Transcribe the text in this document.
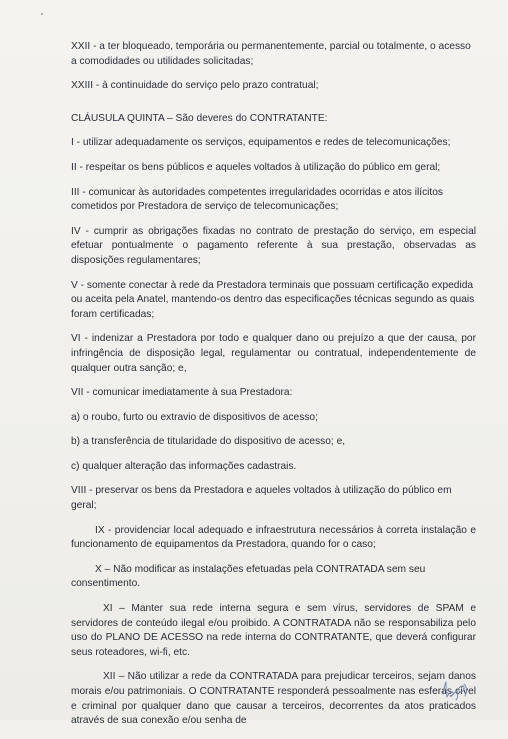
XXII - a ter bloqueado, temporária ou permanentemente, parcial ou totalmente, o acesso a comodidades ou utilidades solicitadas;

XXIII - à continuidade do serviço pelo prazo contratual;

CLÁUSULA QUINTA – São deveres do CONTRATANTE:

I - utilizar adequadamente os serviços, equipamentos e redes de telecomunicações;

II - respeitar os bens públicos e aqueles voltados à utilização do público em geral;

III - comunicar às autoridades competentes irregularidades ocorridas e atos ilícitos cometidos por Prestadora de serviço de telecomunicações;

IV - cumprir as obrigações fixadas no contrato de prestação do serviço, em especial efetuar pontualmente o pagamento referente à sua prestação, observadas as disposições regulamentares;

V - somente conectar à rede da Prestadora terminais que possuam certificação expedida ou aceita pela Anatel, mantendo-os dentro das especificações técnicas segundo as quais foram certificadas;

VI - indenizar a Prestadora por todo e qualquer dano ou prejuízo a que der causa, por infringência de disposição legal, regulamentar ou contratual, independentemente de qualquer outra sanção; e,

VII - comunicar imediatamente à sua Prestadora:

a) o roubo, furto ou extravio de dispositivos de acesso;

b) a transferência de titularidade do dispositivo de acesso; e,

c) qualquer alteração das informações cadastrais.

VIII - preservar os bens da Prestadora e aqueles voltados à utilização do público em geral;

IX - providenciar local adequado e infraestrutura necessários à correta instalação e funcionamento de equipamentos da Prestadora, quando for o caso;

X – Não modificar as instalações efetuadas pela CONTRATADA sem seu consentimento.

XI – Manter sua rede interna segura e sem vírus, servidores de SPAM e servidores de conteúdo ilegal e/ou proibido. A CONTRATADA não se responsabiliza pelo uso do PLANO DE ACESSO na rede interna do CONTRATANTE, que deverá configurar seus roteadores, wi-fi, etc.

XII – Não utilizar a rede da CONTRATADA para prejudicar terceiros, sejam danos morais e/ou patrimoniais. O CONTRATANTE responderá pessoalmente nas esferas cível e criminal por qualquer dano que causar a terceiros, decorrentes da atos praticados através de sua conexão e/ou senha de
